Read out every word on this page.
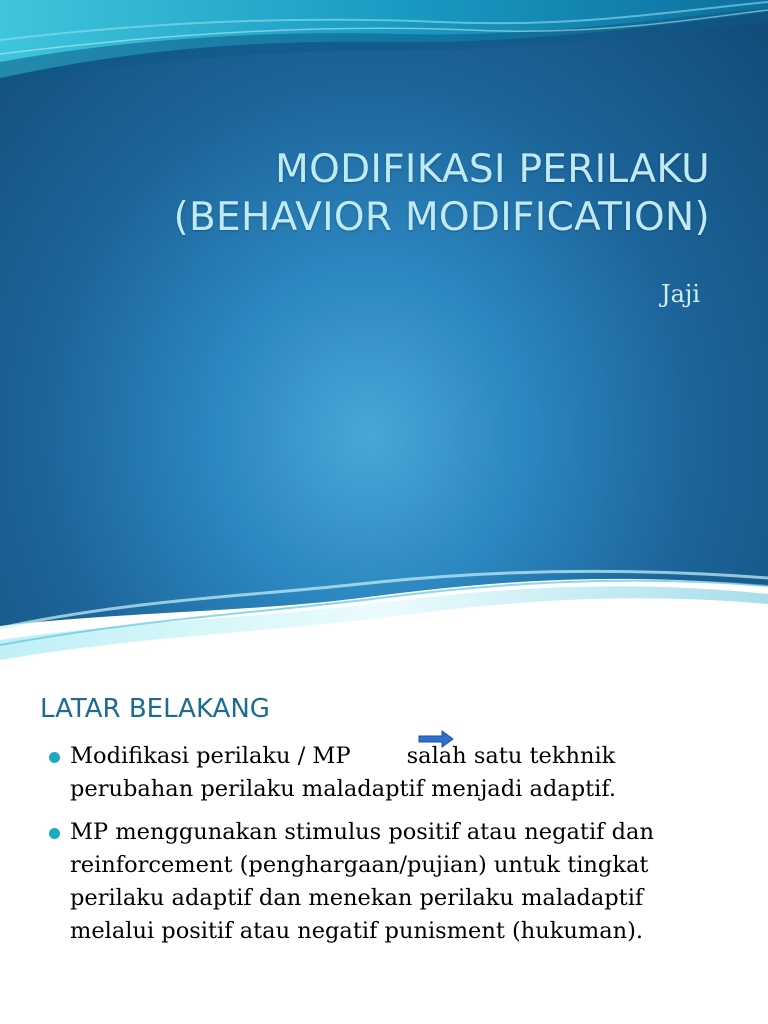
MODIFIKASI PERILAKU
(BEHAVIOR MODIFICATION)
Jaji
LATAR BELAKANG
Modifikasi perilaku / MP salah satu tekhnik
perubahan perilaku maladaptif menjadi adaptif.
MP menggunakan stimulus positif atau negatif dan
reinforcement (penghargaan/pujian) untuk tingkat
perilaku adaptif dan menekan perilaku maladaptif
melalui positif atau negatif punisment (hukuman).
